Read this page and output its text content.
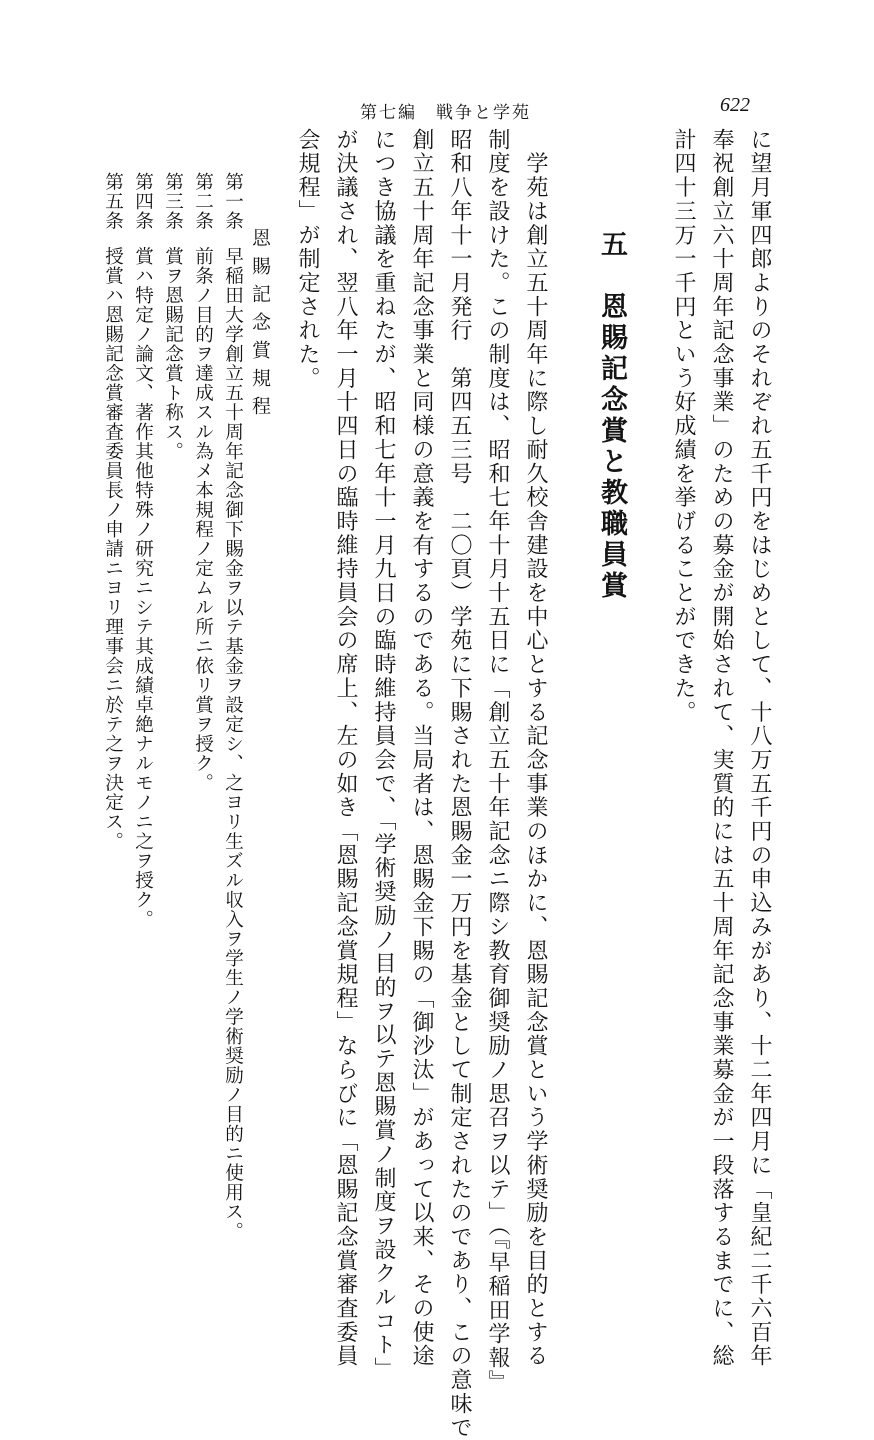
第七編　戦争と学苑	622
に望月軍四郎よりのそれぞれ五千円をはじめとして、十八万五千円の申込みがあり、十二年四月に「皇紀二千六百年
奉祝創立六十周年記念事業」のための募金が開始されて、実質的には五十周年記念事業募金が一段落するまでに、総
計四十三万一千円という好成績を挙げることができた。
五　恩賜記念賞と教職員賞
　学苑は創立五十周年に際し耐久校舎建設を中心とする記念事業のほかに、恩賜記念賞という学術奨励を目的とする
制度を設けた。この制度は、昭和七年十月十五日に「創立五十年記念ニ際シ教育御奨励ノ思召ヲ以テ」（『早稲田学報』
昭和八年十一月発行　第四五三号　二〇頁）学苑に下賜された恩賜金一万円を基金として制定されたのであり、この意味で
創立五十周年記念事業と同様の意義を有するのである。当局者は、恩賜金下賜の「御沙汰」があって以来、その使途
につき協議を重ねたが、昭和七年十一月九日の臨時維持員会で、「学術奨励ノ目的ヲ以テ恩賜賞ノ制度ヲ設クルコト」
が決議され、翌八年一月十四日の臨時維持員会の席上、左の如き「恩賜記念賞規程」ならびに「恩賜記念賞審査委員
会規程」が制定された。
恩賜記念賞規程
第一条早稲田大学創立五十周年記念御下賜金ヲ以テ基金ヲ設定シ、之ヨリ生ズル収入ヲ学生ノ学術奨励ノ目的ニ使用ス。
第二条前条ノ目的ヲ達成スル為メ本規程ノ定ムル所ニ依リ賞ヲ授ク。
第三条賞ヲ恩賜記念賞ト称ス。
第四条賞ハ特定ノ論文、著作其他特殊ノ研究ニシテ其成績卓絶ナルモノニ之ヲ授ク。
第五条授賞ハ恩賜記念賞審査委員長ノ申請ニヨリ理事会ニ於テ之ヲ決定ス。
